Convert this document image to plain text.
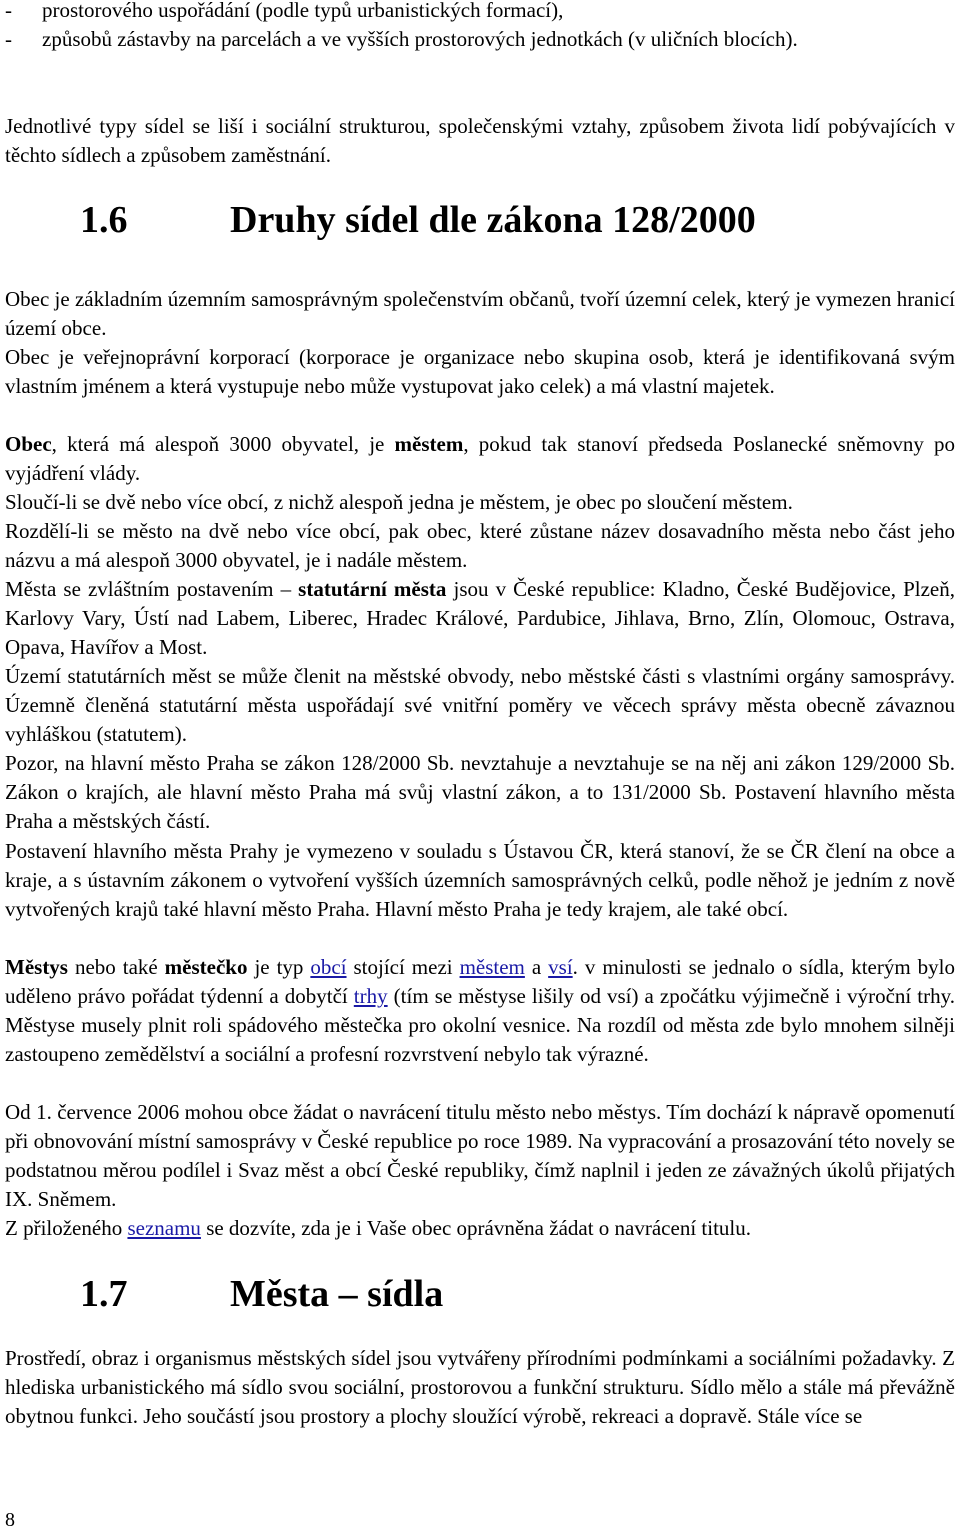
-	prostorového uspořádání (podle typů urbanistických formací),
-	způsobů zástavby na parcelách a ve vyšších prostorových jednotkách (v uličních blocích).
Jednotlivé typy sídel se liší i sociální strukturou, společenskými vztahy, způsobem života lidí pobývajících v těchto sídlech a způsobem zaměstnání.
1.6	Druhy sídel dle zákona 128/2000
Obec je základním územním samosprávným společenstvím občanů, tvoří územní celek, který je vymezen hranicí území obce.
Obec je veřejnoprávní korporací (korporace je organizace nebo skupina osob, která je identifikovaná svým vlastním jménem a která vystupuje nebo může vystupovat jako celek) a má vlastní majetek.
Obec, která má alespoň 3000 obyvatel, je městem, pokud tak stanoví předseda Poslanecké sněmovny po vyjádření vlády.
Sloučí-li se dvě nebo více obcí, z nichž alespoň jedna je městem, je obec po sloučení městem.
Rozdělí-li se město na dvě nebo více obcí, pak obec, které zůstane název dosavadního města nebo část jeho názvu a má alespoň 3000 obyvatel, je i nadále městem.
Města se zvláštním postavením – statutární města jsou v České republice: Kladno, České Budějovice, Plzeň, Karlovy Vary, Ústí nad Labem, Liberec, Hradec Králové, Pardubice, Jihlava, Brno, Zlín, Olomouc, Ostrava, Opava, Havířov a Most.
Území statutárních měst se může členit na městské obvody, nebo městské části s vlastními orgány samosprávy. Územně členěná statutární města uspořádají své vnitřní poměry ve věcech správy města obecně závaznou vyhláškou (statutem).
Pozor, na hlavní město Praha se zákon 128/2000 Sb. nevztahuje a nevztahuje se na něj ani zákon 129/2000 Sb. Zákon o krajích, ale hlavní město Praha má svůj vlastní zákon, a to 131/2000 Sb. Postavení hlavního města Praha a městských částí.
Postavení hlavního města Prahy je vymezeno v souladu s Ústavou ČR, která stanoví, že se ČR člení na obce a kraje, a s ústavním zákonem o vytvoření vyšších územních samosprávných celků, podle něhož je jedním z nově vytvořených krajů také hlavní město Praha. Hlavní město Praha je tedy krajem, ale také obcí.
Městys nebo také městečko je typ obcí stojící mezi městem a vsí. v minulosti se jednalo o sídla, kterým bylo uděleno právo pořádat týdenní a dobytčí trhy (tím se městyse lišily od vsí) a zpočátku výjimečně i výroční trhy. Městyse musely plnit roli spádového městečka pro okolní vesnice. Na rozdíl od města zde bylo mnohem silněji zastoupeno zemědělství a sociální a profesní rozvrstvení nebylo tak výrazné.
Od 1. července 2006 mohou obce žádat o navrácení titulu město nebo městys. Tím dochází k nápravě opomenutí při obnovování místní samosprávy v České republice po roce 1989. Na vypracování a prosazování této novely se podstatnou měrou podílel i Svaz měst a obcí České republiky, čímž naplnil i jeden ze závažných úkolů přijatých IX. Sněmem.
Z přiloženého seznamu se dozvíte, zda je i Vaše obec oprávněna žádat o navrácení titulu.
1.7	Města – sídla
Prostředí, obraz i organismus městských sídel jsou vytvářeny přírodními podmínkami a sociálními požadavky. Z hlediska urbanistického má sídlo svou sociální, prostorovou a funkční strukturu. Sídlo mělo a stále má převážně obytnou funkci. Jeho součástí jsou prostory a plochy sloužící výrobě, rekreaci a dopravě. Stále více se
8
